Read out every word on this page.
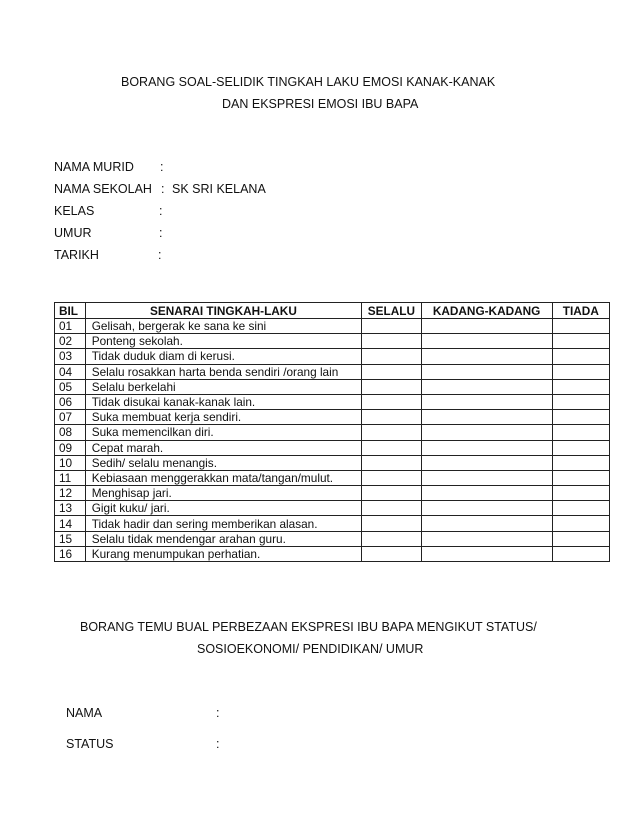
BORANG SOAL-SELIDIK TINGKAH LAKU EMOSI KANAK-KANAK
DAN EKSPRESI EMOSI IBU BAPA
NAMA MURID :
NAMA SEKOLAH : SK SRI KELANA
KELAS	:
UMUR	:
TARIKH	:
BIL	SENARAI TINGKAH-LAKU	SELALU	KADANG-KADANG	TIADA
01	Gelisah, bergerak ke sana ke sini			
02	Ponteng sekolah.			
03	Tidak duduk diam di kerusi.			
04	Selalu rosakkan harta benda sendiri /orang lain			
05	Selalu berkelahi			
06	Tidak disukai kanak-kanak lain.			
07	Suka membuat kerja sendiri.			
08	Suka memencilkan diri.			
09	Cepat marah.			
10	Sedih/ selalu menangis.			
11	Kebiasaan menggerakkan mata/tangan/mulut.			
12	Menghisap jari.			
13	Gigit kuku/ jari.			
14	Tidak hadir dan sering memberikan alasan.			
15	Selalu tidak mendengar arahan guru.			
16	Kurang menumpukan perhatian.			
BORANG TEMU BUAL PERBEZAAN EKSPRESI IBU BAPA MENGIKUT STATUS/
SOSIOEKONOMI/ PENDIDIKAN/ UMUR
NAMA	:
STATUS	:
